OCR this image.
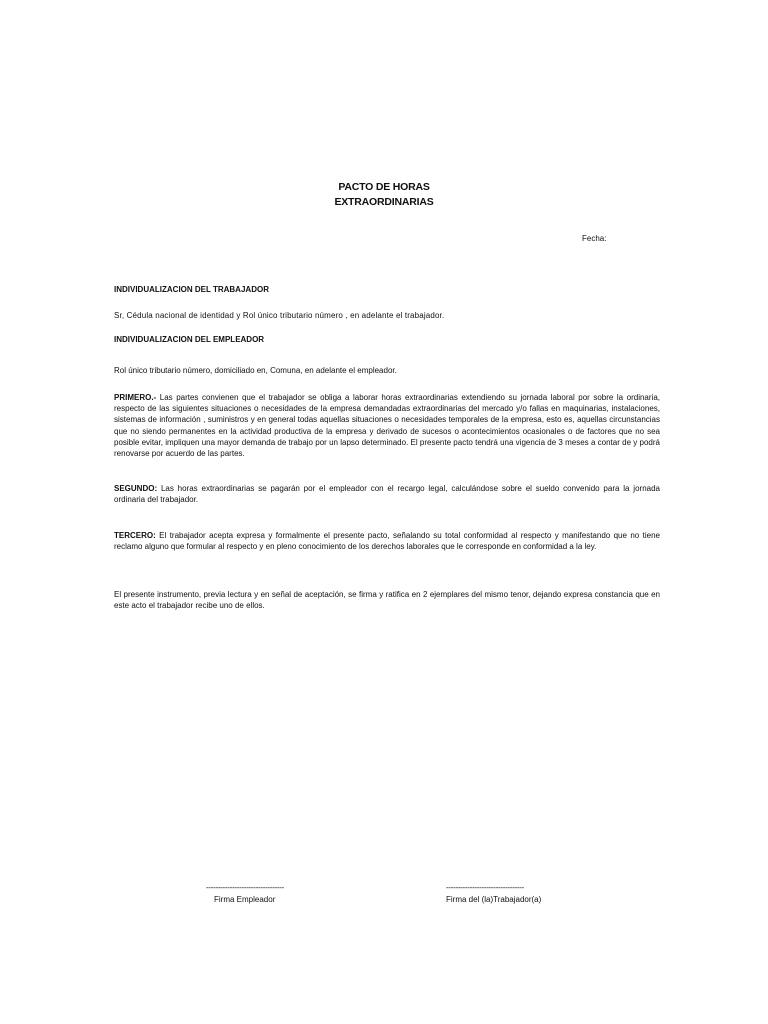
PACTO DE HORAS
EXTRAORDINARIAS
Fecha:
INDIVIDUALIZACION DEL TRABAJADOR
Sr, Cédula nacional de identidad y Rol único tributario número , en adelante el trabajador.
INDIVIDUALIZACION DEL EMPLEADOR
Rol único tributario número, domiciliado en, Comuna, en adelante el empleador.
PRIMERO.- Las partes convienen que el trabajador se obliga a laborar horas extraordinarias extendiendo su jornada laboral por sobre la ordinaria, respecto de las siguientes situaciones o necesidades de la empresa demandadas extraordinarias del mercado y/o fallas en maquinarias, instalaciones, sistemas de información , suministros y en general todas aquellas situaciones o necesidades temporales de la empresa, esto es, aquellas circunstancias que no siendo permanentes en la actividad productiva de la empresa y derivado de sucesos o acontecimientos ocasionales o de factores que no sea posible evitar, impliquen una mayor demanda de trabajo por un lapso determinado. El presente pacto tendrá una vigencia de 3 meses a contar de y podrá renovarse por acuerdo de las partes.
SEGUNDO: Las horas extraordinarias se pagarán por el empleador con el recargo legal, calculándose sobre el sueldo convenido para la jornada ordinaria del trabajador.
TERCERO: El trabajador acepta expresa y formalmente el presente pacto, señalando su total conformidad al respecto y manifestando que no tiene reclamo alguno que formular al respecto y en pleno conocimiento de los derechos laborales que le corresponde en conformidad a la ley.
El presente instrumento, previa lectura y en señal de aceptación, se firma y ratifica en 2 ejemplares del mismo tenor, dejando expresa constancia que en este acto el trabajador recibe uno de ellos.
---------------------------------
Firma Empleador
---------------------------------
Firma del (la)Trabajador(a)
